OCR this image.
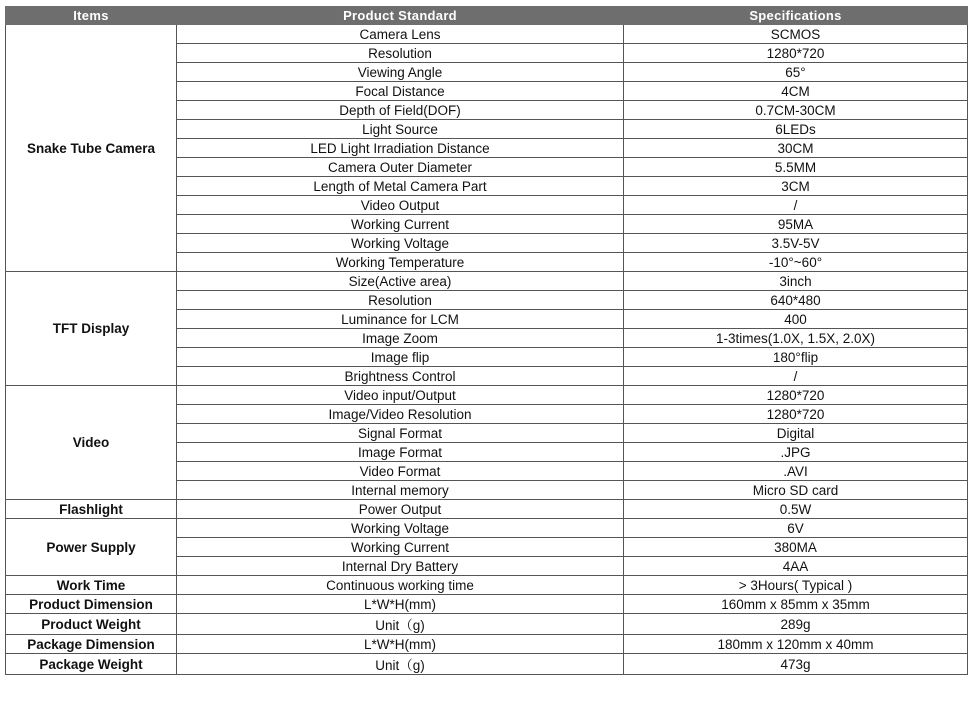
Items	Product Standard	Specifications
Snake Tube Camera	Camera Lens	SCMOS
	Resolution	1280*720
	Viewing Angle	65°
	Focal Distance	4CM
	Depth of Field(DOF)	0.7CM-30CM
	Light Source	6LEDs
	LED Light Irradiation Distance	30CM
	Camera Outer Diameter	5.5MM
	Length of Metal Camera Part	3CM
	Video Output	/
	Working Current	95MA
	Working Voltage	3.5V-5V
	Working Temperature	-10°~60°
TFT Display	Size(Active area)	3inch
	Resolution	640*480
	Luminance for LCM	400
	Image Zoom	1-3times(1.0X, 1.5X, 2.0X)
	Image flip	180°flip
	Brightness Control	/
Video	Video input/Output	1280*720
	Image/Video Resolution	1280*720
	Signal Format	Digital
	Image Format	.JPG
	Video Format	.AVI
	Internal memory	Micro SD card
Flashlight	Power Output	0.5W
Power Supply	Working Voltage	6V
	Working Current	380MA
	Internal Dry Battery	4AA
Work Time	Continuous working time	> 3Hours( Typical )
Product Dimension	L*W*H(mm)	160mm x 85mm x 35mm
Product Weight	Unit（g)	289g
Package Dimension	L*W*H(mm)	180mm x 120mm x 40mm
Package Weight	Unit（g)	473g
